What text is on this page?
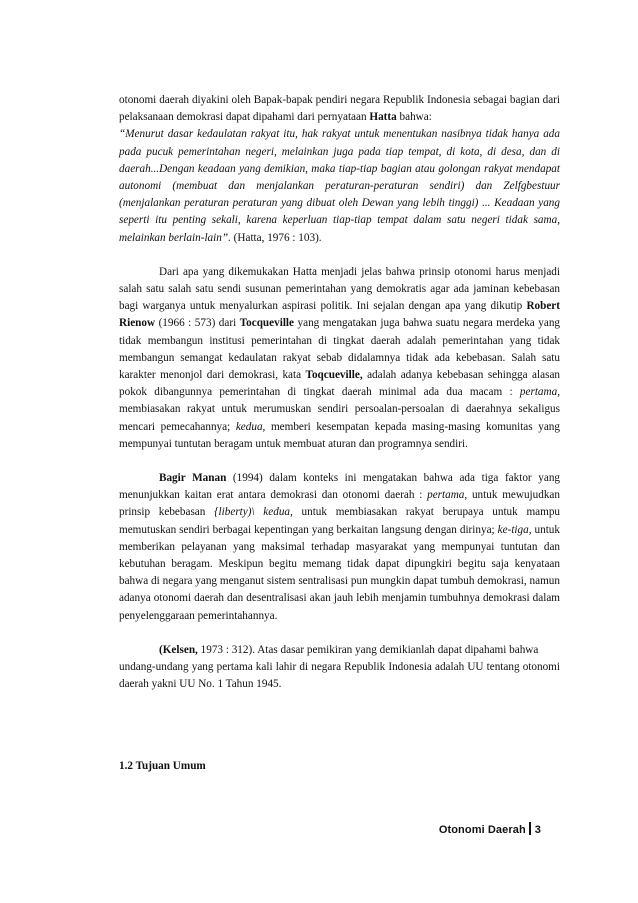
otonomi daerah diyakini oleh Bapak-bapak pendiri negara Republik Indonesia sebagai bagian dari pelaksanaan demokrasi dapat dipahami dari pernyataan Hatta bahwa:

“Menurut dasar kedaulatan rakyat itu, hak rakyat untuk menentukan nasibnya tidak hanya ada pada pucuk pemerintahan negeri, melainkan juga pada tiap tempat, di kota, di desa, dan di daerah...Dengan keadaan yang demikian, maka tiap-tiap bagian atau golongan rakyat mendapat autonomi (membuat dan menjalankan peraturan-peraturan sendiri) dan Zelfgbestuur (menjalankan peraturan peraturan yang dibuat oleh Dewan yang lebih tinggi) ... Keadaan yang seperti itu penting sekali, karena keperluan tiap-tiap tempat dalam satu negeri tidak sama, melainkan berlain-lain”. (Hatta, 1976 : 103).

Dari apa yang dikemukakan Hatta menjadi jelas bahwa prinsip otonomi harus menjadi salah satu salah satu sendi susunan pemerintahan yang demokratis agar ada jaminan kebebasan bagi warganya untuk menyalurkan aspirasi politik. Ini sejalan dengan apa yang dikutip Robert Rienow (1966 : 573) dari Tocqueville yang mengatakan juga bahwa suatu negara merdeka yang tidak membangun institusi pemerintahan di tingkat daerah adalah pemerintahan yang tidak membangun semangat kedaulatan rakyat sebab didalamnya tidak ada kebebasan. Salah satu karakter menonjol dari demokrasi, kata Toqcueville, adalah adanya kebebasan sehingga alasan pokok dibangunnya pemerintahan di tingkat daerah minimal ada dua macam : pertama, membiasakan rakyat untuk merumuskan sendiri persoalan-persoalan di daerahnya sekaligus mencari pemecahannya; kedua, memberi kesempatan kepada masing-masing komunitas yang mempunyai tuntutan beragam untuk membuat aturan dan programnya sendiri.

Bagir Manan (1994) dalam konteks ini mengatakan bahwa ada tiga faktor yang menunjukkan kaitan erat antara demokrasi dan otonomi daerah : pertama, untuk mewujudkan prinsip kebebasan {liberty)\ kedua, untuk membiasakan rakyat berupaya untuk mampu memutuskan sendiri berbagai kepentingan yang berkaitan langsung dengan dirinya; ke-tiga, untuk memberikan pelayanan yang maksimal terhadap masyarakat yang mempunyai tuntutan dan kebutuhan beragam. Meskipun begitu memang tidak dapat dipungkiri begitu saja kenyataan bahwa di negara yang menganut sistem sentralisasi pun mungkin dapat tumbuh demokrasi, namun adanya otonomi daerah dan desentralisasi akan jauh lebih menjamin tumbuhnya demokrasi dalam penyelenggaraan pemerintahannya.

(Kelsen, 1973 : 312). Atas dasar pemikiran yang demikianlah dapat dipahami bahwa

undang-undang yang pertama kali lahir di negara Republik Indonesia adalah UU tentang otonomi daerah yakni UU No. 1 Tahun 1945.

1.2 Tujuan Umum
Otonomi Daerah 3
